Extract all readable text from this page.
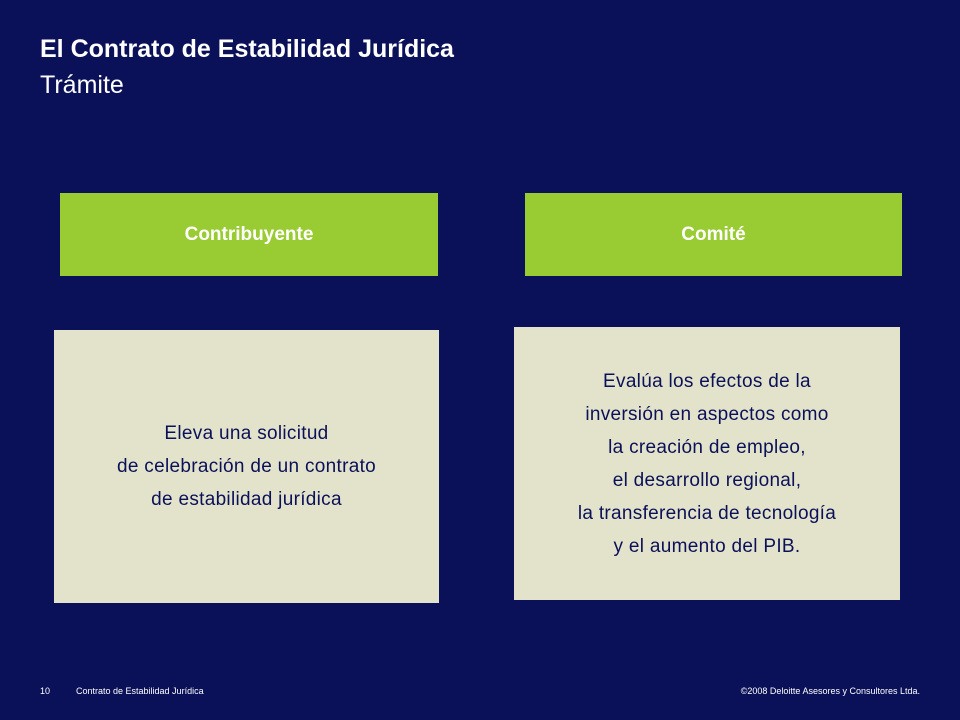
El Contrato de Estabilidad Jurídica
Trámite
Contribuyente	Comité
Eleva una solicitud
de celebración de un contrato
de estabilidad jurídica
Evalúa los efectos de la
inversión en aspectos como
la creación de empleo,
el desarrollo regional,
la transferencia de tecnología
y el aumento del PIB.
10	Contrato de Estabilidad Jurídica	©2008 Deloitte Asesores y Consultores Ltda.
